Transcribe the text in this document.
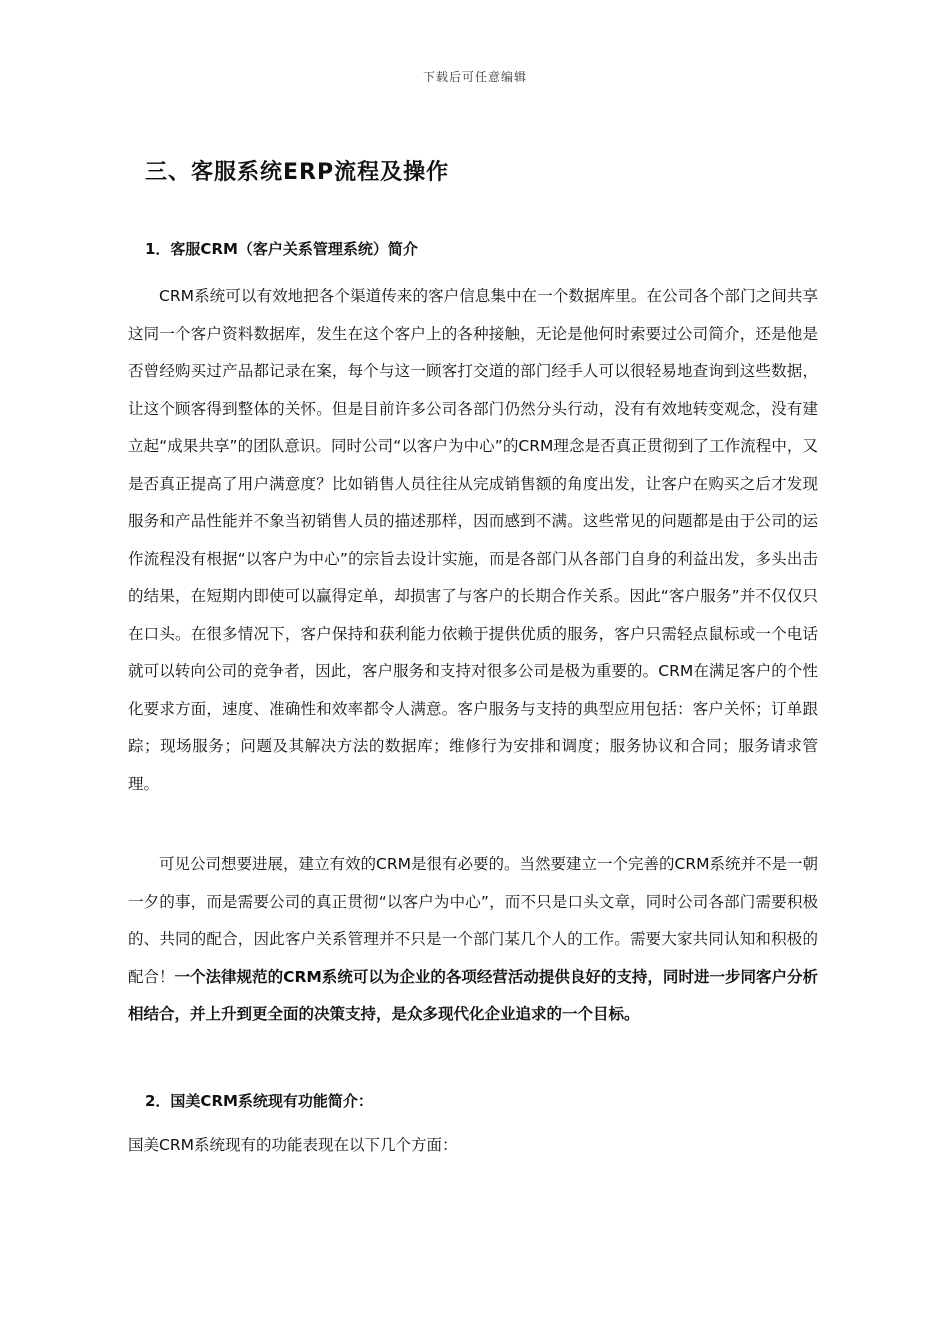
下载后可任意编辑
三、客服系统ERP流程及操作
1．客服CRM（客户关系管理系统）简介

CRM系统可以有效地把各个渠道传来的客户信息集中在一个数据库里。在公司各个部门之间共享这同一个客户资料数据库，发生在这个客户上的各种接触，无论是他何时索要过公司简介，还是他是否曾经购买过产品都记录在案，每个与这一顾客打交道的部门经手人可以很轻易地查询到这些数据，让这个顾客得到整体的关怀。但是目前许多公司各部门仍然分头行动，没有有效地转变观念，没有建立起“成果共享”的团队意识。同时公司“以客户为中心”的CRM理念是否真正贯彻到了工作流程中，又是否真正提高了用户满意度？比如销售人员往往从完成销售额的角度出发，让客户在购买之后才发现服务和产品性能并不象当初销售人员的描述那样，因而感到不满。这些常见的问题都是由于公司的运作流程没有根据“以客户为中心”的宗旨去设计实施，而是各部门从各部门自身的利益出发，多头出击的结果，在短期内即使可以赢得定单，却损害了与客户的长期合作关系。因此“客户服务”并不仅仅只在口头。在很多情况下，客户保持和获利能力依赖于提供优质的服务，客户只需轻点鼠标或一个电话就可以转向公司的竞争者，因此，客户服务和支持对很多公司是极为重要的。CRM在满足客户的个性化要求方面，速度、准确性和效率都令人满意。客户服务与支持的典型应用包括：客户关怀；订单跟踪；现场服务；问题及其解决方法的数据库；维修行为安排和调度；服务协议和合同；服务请求管理。

可见公司想要进展，建立有效的CRM是很有必要的。当然要建立一个完善的CRM系统并不是一朝一夕的事，而是需要公司的真正贯彻“以客户为中心”，而不只是口头文章，同时公司各部门需要积极的、共同的配合，因此客户关系管理并不只是一个部门某几个人的工作。需要大家共同认知和积极的配合！一个法律规范的CRM系统可以为企业的各项经营活动提供良好的支持，同时进一步同客户分析相结合，并上升到更全面的决策支持，是众多现代化企业追求的一个目标。

2．国美CRM系统现有功能简介：
国美CRM系统现有的功能表现在以下几个方面：
